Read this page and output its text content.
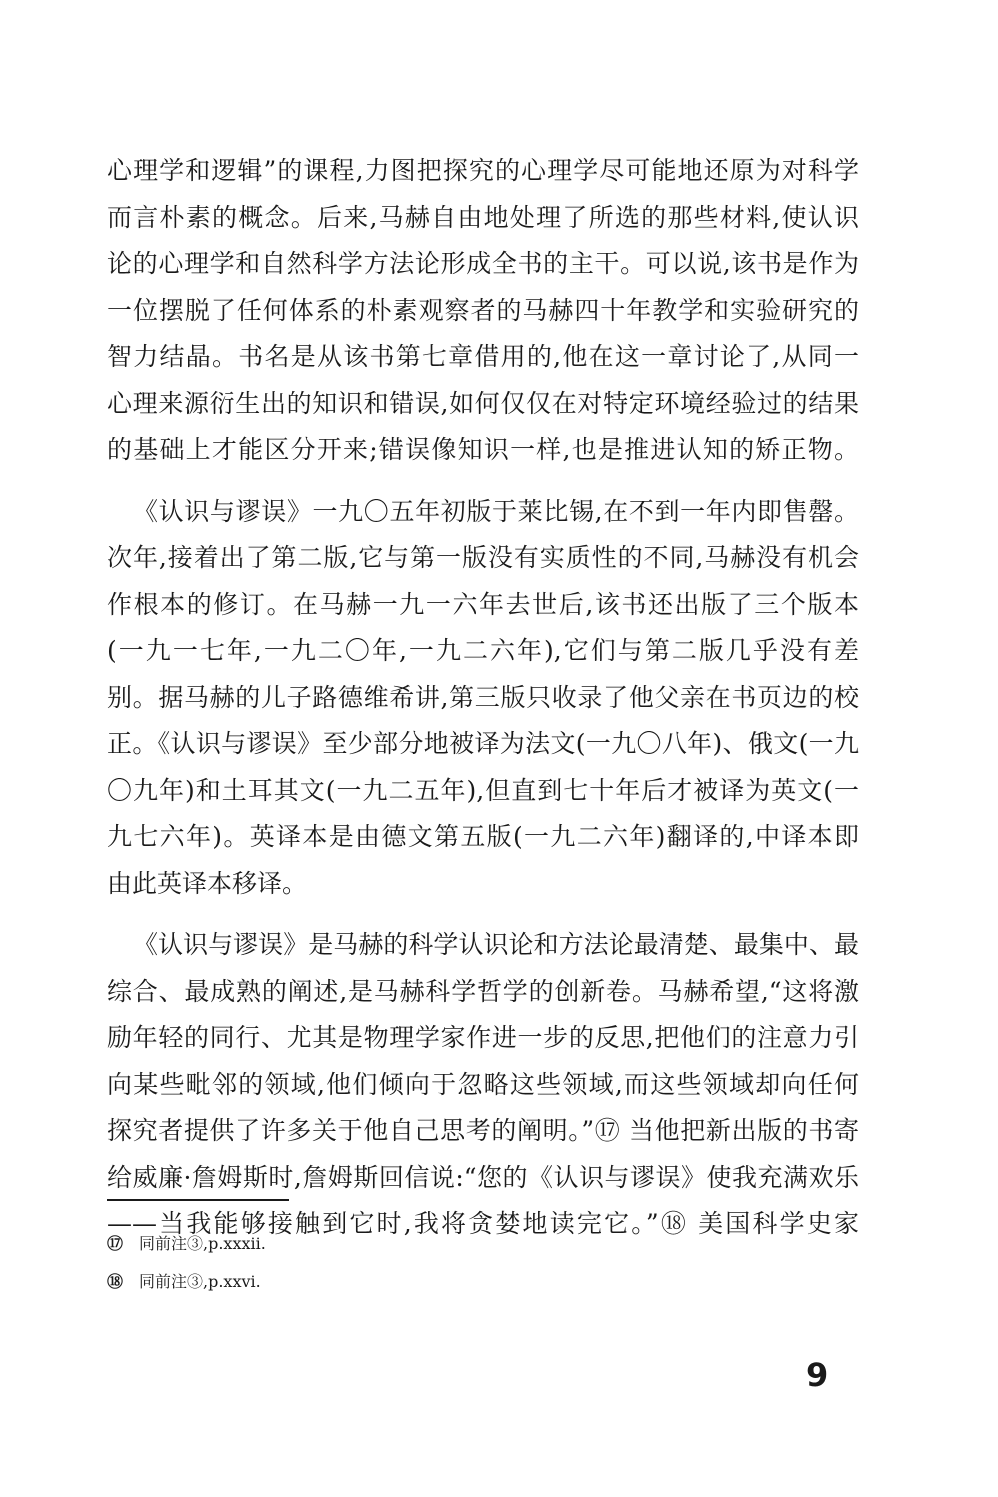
心理学和逻辑”的课程,力图把探究的心理学尽可能地还原为对科学
而言朴素的概念。后来,马赫自由地处理了所选的那些材料,使认识
论的心理学和自然科学方法论形成全书的主干。可以说,该书是作为
一位摆脱了任何体系的朴素观察者的马赫四十年教学和实验研究的
智力结晶。书名是从该书第七章借用的,他在这一章讨论了,从同一
心理来源衍生出的知识和错误,如何仅仅在对特定环境经验过的结果
的基础上才能区分开来;错误像知识一样,也是推进认知的矫正物。

《认识与谬误》一九〇五年初版于莱比锡,在不到一年内即售罄。
次年,接着出了第二版,它与第一版没有实质性的不同,马赫没有机会
作根本的修订。在马赫一九一六年去世后,该书还出版了三个版本
(一九一七年,一九二〇年,一九二六年),它们与第二版几乎没有差
别。据马赫的儿子路德维希讲,第三版只收录了他父亲在书页边的校
正。《认识与谬误》至少部分地被译为法文(一九〇八年)、俄文(一九
〇九年)和土耳其文(一九二五年),但直到七十年后才被译为英文(一
九七六年)。英译本是由德文第五版(一九二六年)翻译的,中译本即
由此英译本移译。

《认识与谬误》是马赫的科学认识论和方法论最清楚、最集中、最
综合、最成熟的阐述,是马赫科学哲学的创新卷。马赫希望,“这将激
励年轻的同行、尤其是物理学家作进一步的反思,把他们的注意力引
向某些毗邻的领域,他们倾向于忽略这些领域,而这些领域却向任何
探究者提供了许多关于他自己思考的阐明。”⑰ 当他把新出版的书寄
给威廉·詹姆斯时,詹姆斯回信说:“您的《认识与谬误》使我充满欢乐
——当我能够接触到它时,我将贪婪地读完它。”⑱ 美国科学史家

⑰ 同前注③,p.xxxii.
⑱ 同前注③,p.xxvi.
9
